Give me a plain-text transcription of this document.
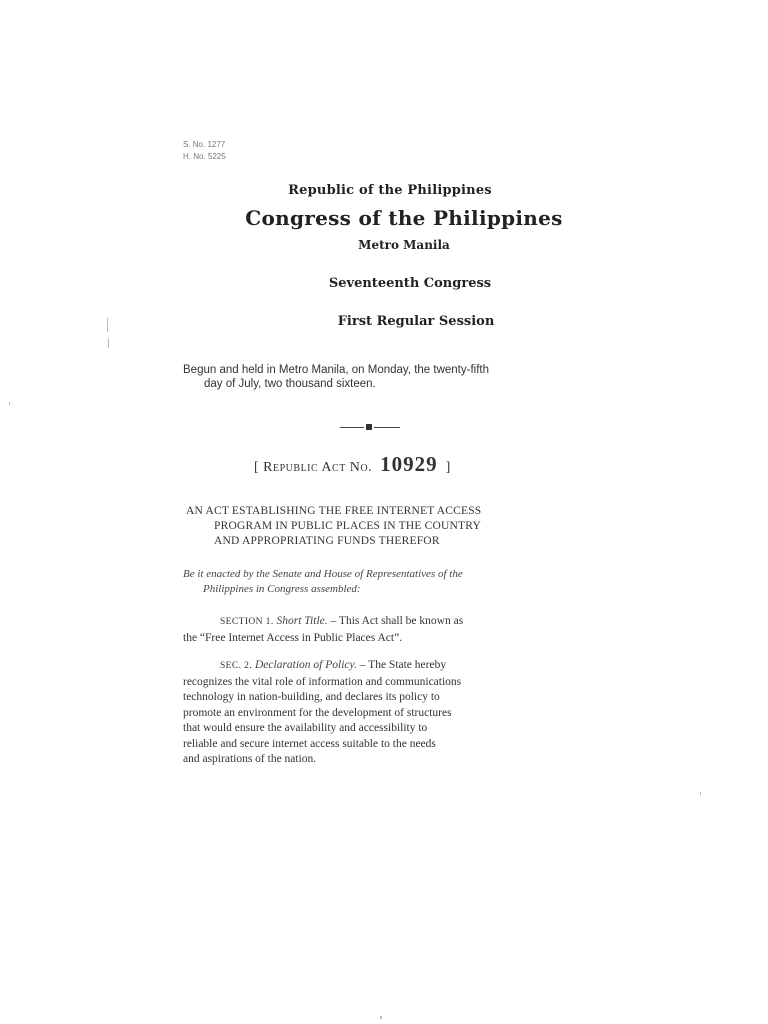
S. No. 1277
H. No. 5225
Republic of the Philippines
Congress of the Philippines
Metro Manila
Seventeenth Congress
First Regular Session
Begun and held in Metro Manila, on Monday, the twenty-fifth
day of July, two thousand sixteen.
[ Republic Act No. 10929 ]
AN ACT ESTABLISHING THE FREE INTERNET ACCESS
PROGRAM IN PUBLIC PLACES IN THE COUNTRY
AND APPROPRIATING FUNDS THEREFOR
Be it enacted by the Senate and House of Representatives of the
Philippines in Congress assembled:
SECTION 1. Short Title. – This Act shall be known as
the “Free Internet Access in Public Places Act”.
SEC. 2. Declaration of Policy. – The State hereby
recognizes the vital role of information and communications
technology in nation-building, and declares its policy to
promote an environment for the development of structures
that would ensure the availability and accessibility to
reliable and secure internet access suitable to the needs
and aspirations of the nation.
